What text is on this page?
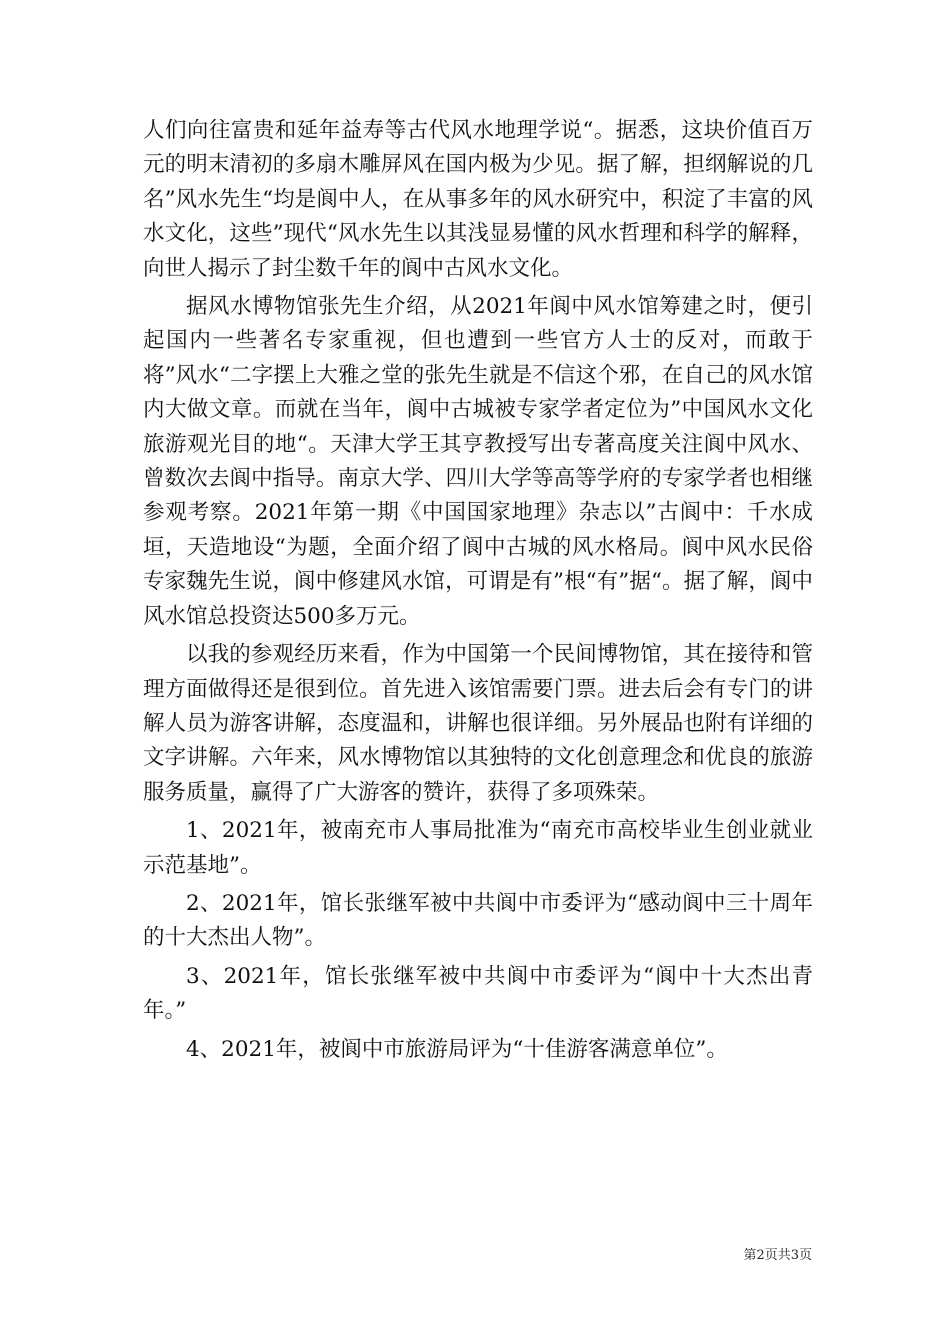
人们向往富贵和延年益寿等古代风水地理学说“。据悉，这块价值百万元的明末清初的多扇木雕屏风在国内极为少见。据了解，担纲解说的几名”风水先生“均是阆中人，在从事多年的风水研究中，积淀了丰富的风水文化，这些”现代“风水先生以其浅显易懂的风水哲理和科学的解释，向世人揭示了封尘数千年的阆中古风水文化。

据风水博物馆张先生介绍，从2021年阆中风水馆筹建之时，便引起国内一些著名专家重视，但也遭到一些官方人士的反对，而敢于将”风水“二字摆上大雅之堂的张先生就是不信这个邪，在自己的风水馆内大做文章。而就在当年，阆中古城被专家学者定位为”中国风水文化旅游观光目的地“。天津大学王其亨教授写出专著高度关注阆中风水、曾数次去阆中指导。南京大学、四川大学等高等学府的专家学者也相继参观考察。2021年第一期《中国国家地理》杂志以”古阆中：千水成垣，天造地设“为题，全面介绍了阆中古城的风水格局。阆中风水民俗专家魏先生说，阆中修建风水馆，可谓是有”根“有”据“。据了解，阆中风水馆总投资达500多万元。

以我的参观经历来看，作为中国第一个民间博物馆，其在接待和管理方面做得还是很到位。首先进入该馆需要门票。进去后会有专门的讲解人员为游客讲解，态度温和，讲解也很详细。另外展品也附有详细的文字讲解。六年来，风水博物馆以其独特的文化创意理念和优良的旅游服务质量，赢得了广大游客的赞许，获得了多项殊荣。

1、2021年，被南充市人事局批准为“南充市高校毕业生创业就业示范基地”。

2、2021年，馆长张继军被中共阆中市委评为“感动阆中三十周年的十大杰出人物”。

3、2021年，馆长张继军被中共阆中市委评为“阆中十大杰出青年。”

4、2021年，被阆中市旅游局评为“十佳游客满意单位”。

第2页共3页
